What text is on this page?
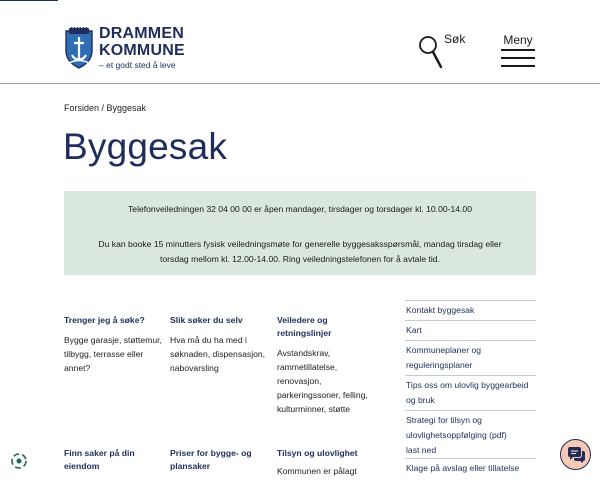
DRAMMEN
KOMMUNE
– et godt sted å leve
Søk	Meny
Forsiden / Byggesak
Byggesak

Telefonveiledningen 32 04 00 00 er åpen mandager, tirsdager og torsdager kl. 10.00-14.00

Du kan booke 15 minutters fysisk veiledningsmøte for generelle byggesaksspørsmål, mandag tirsdag eller torsdag mellom kl. 12.00-14.00. Ring veiledningstelefonen for å avtale tid.

Trenger jeg å søke?

Bygge garasje, støttemur, tilbygg, terrasse eller annet?

Slik søker du selv

Hva må du ha med i søknaden, dispensasjon, nabovarsling

Veiledere og retningslinjer

Avstandskrav, rammetillatelse, renovasjon, parkeringssoner, felling, kulturminner, støtte

Finn saker på din eiendom
Priser for bygge- og plansaker
Tilsyn og ulovlighet

Kommunen er pålagt

Kontakt byggesak
Kart
Kommuneplaner og reguleringsplaner
Tips oss om ulovlig byggearbeid og bruk
Strategi for tilsyn og ulovlighetsoppfølging (pdf)
last ned
Klage på avslag eller tillatelse
